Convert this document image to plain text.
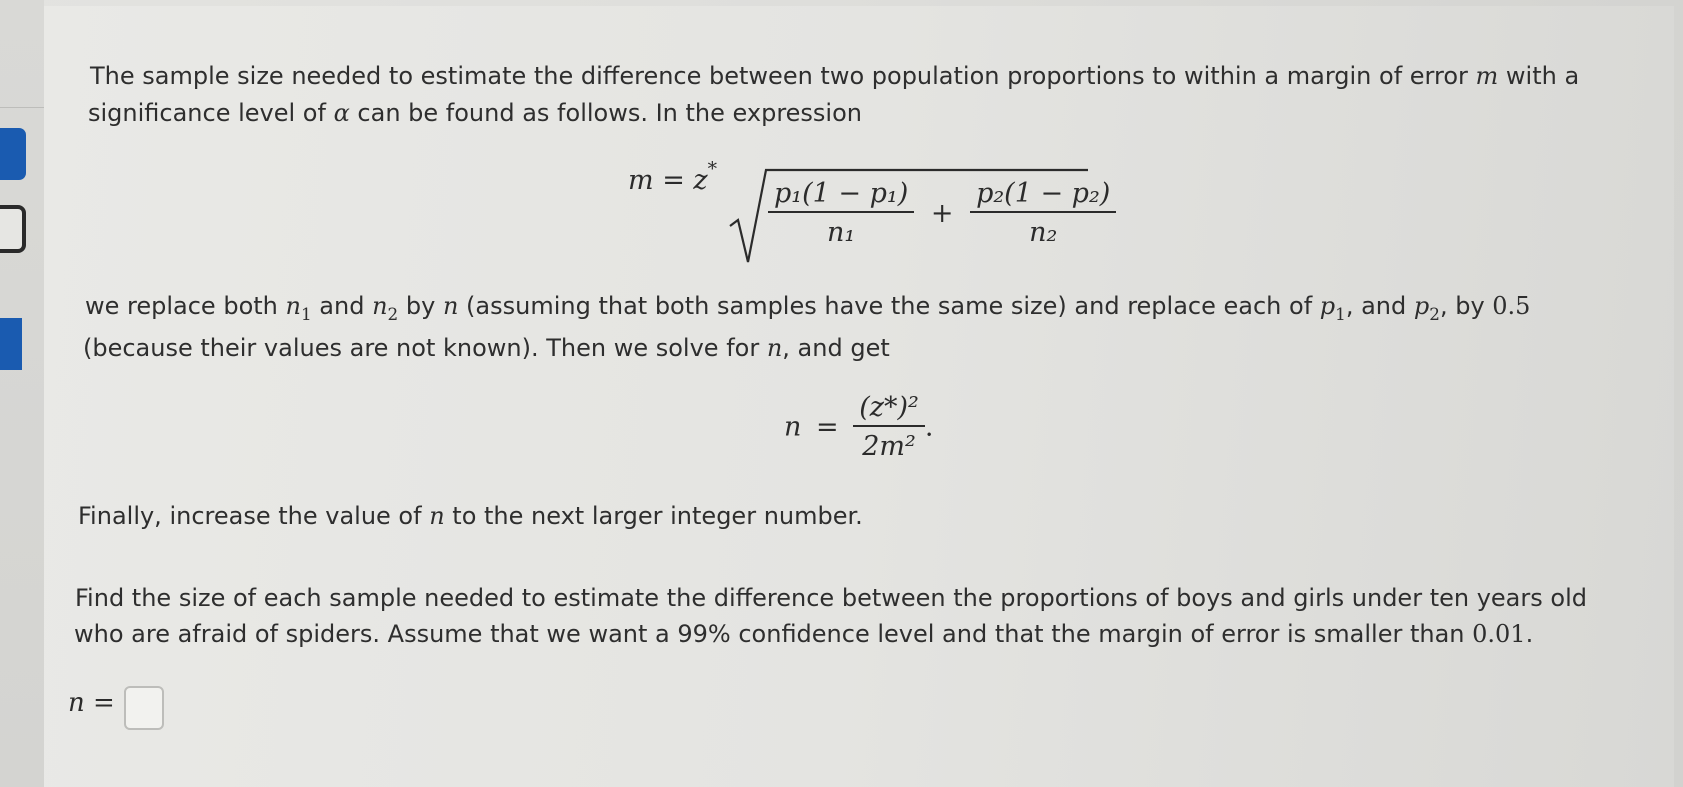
The sample size needed to estimate the difference between two population proportions to within a margin of error m with a
significance level of α can be found as follows. In the expression
m = z*
$\frac{\text{p₁(1 − p₁)}}{\text{n₁}} + \frac{\text{p₂(1 − p₂)}}{\text{n₂}}$
we replace both $n_1$ and $n_2$ by n (assuming that both samples have the same size) and replace each of $p_1$, and $p_2$, by 0.5
(because their values are not known). Then we solve for n, and get
$n = \frac{\text{(z*)²}}{\text{2m²}}$ .
Finally, increase the value of n to the next larger integer number.
Find the size of each sample needed to estimate the difference between the proportions of boys and girls under ten years old
who are afraid of spiders. Assume that we want a 99% confidence level and that the margin of error is smaller than 0.01.
n =
